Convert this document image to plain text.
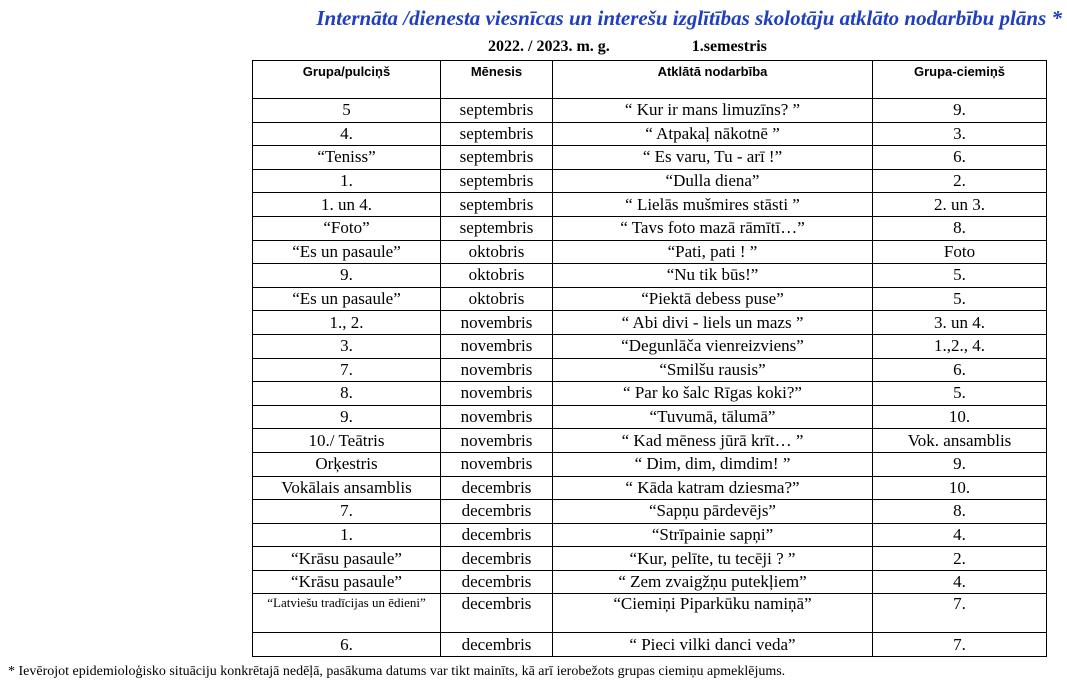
Internāta /dienesta viesnīcas un interešu izglītības skolotāju atklāto nodarbību plāns *
2022. / 2023. m. g.	1.semestris
Grupa/pulciņš	Mēnesis	Atklātā nodarbība	Grupa-ciemiņš
5	septembris	“ Kur ir mans limuzīns? ”	9.
4.	septembris	“ Atpakaļ nākotnē ”	3.
“Teniss”	septembris	“ Es varu, Tu - arī !”	6.
1.	septembris	“Dulla diena”	2.
1. un 4.	septembris	“ Lielās mušmires stāsti ”	2. un 3.
“Foto”	septembris	“ Tavs foto mazā rāmītī…”	8.
“Es un pasaule”	oktobris	“Pati, pati ! ”	Foto
9.	oktobris	“Nu tik būs!”	5.
“Es un pasaule”	oktobris	“Piektā debess puse”	5.
1., 2.	novembris	“ Abi divi - liels un mazs ”	3. un 4.
3.	novembris	“Degunlāča vienreizviens”	1.,2., 4.
7.	novembris	“Smilšu rausis”	6.
8.	novembris	“ Par ko šalc Rīgas koki?”	5.
9.	novembris	“Tuvumā, tālumā”	10.
10./ Teātris	novembris	“ Kad mēness jūrā krīt… ”	Vok. ansamblis
Orķestris	novembris	“ Dim, dim, dimdim! ”	9.
Vokālais ansamblis	decembris	“ Kāda katram dziesma?”	10.
7.	decembris	“Sapņu pārdevējs”	8.
1.	decembris	“Strīpainie sapņi”	4.
“Krāsu pasaule”	decembris	“Kur, pelīte, tu tecēji ? ”	2.
“Krāsu pasaule”	decembris	“ Zem zvaigžņu putekļiem”	4.
“Latviešu tradīcijas un ēdieni”	decembris	“Ciemiņi Piparkūku namiņā”	7.
6.	decembris	“ Pieci vilki danci veda”	7.
* Ievērojot epidemioloģisko situāciju konkrētajā nedēļā, pasākuma datums var tikt mainīts, kā arī ierobežots grupas ciemiņu apmeklējums.
